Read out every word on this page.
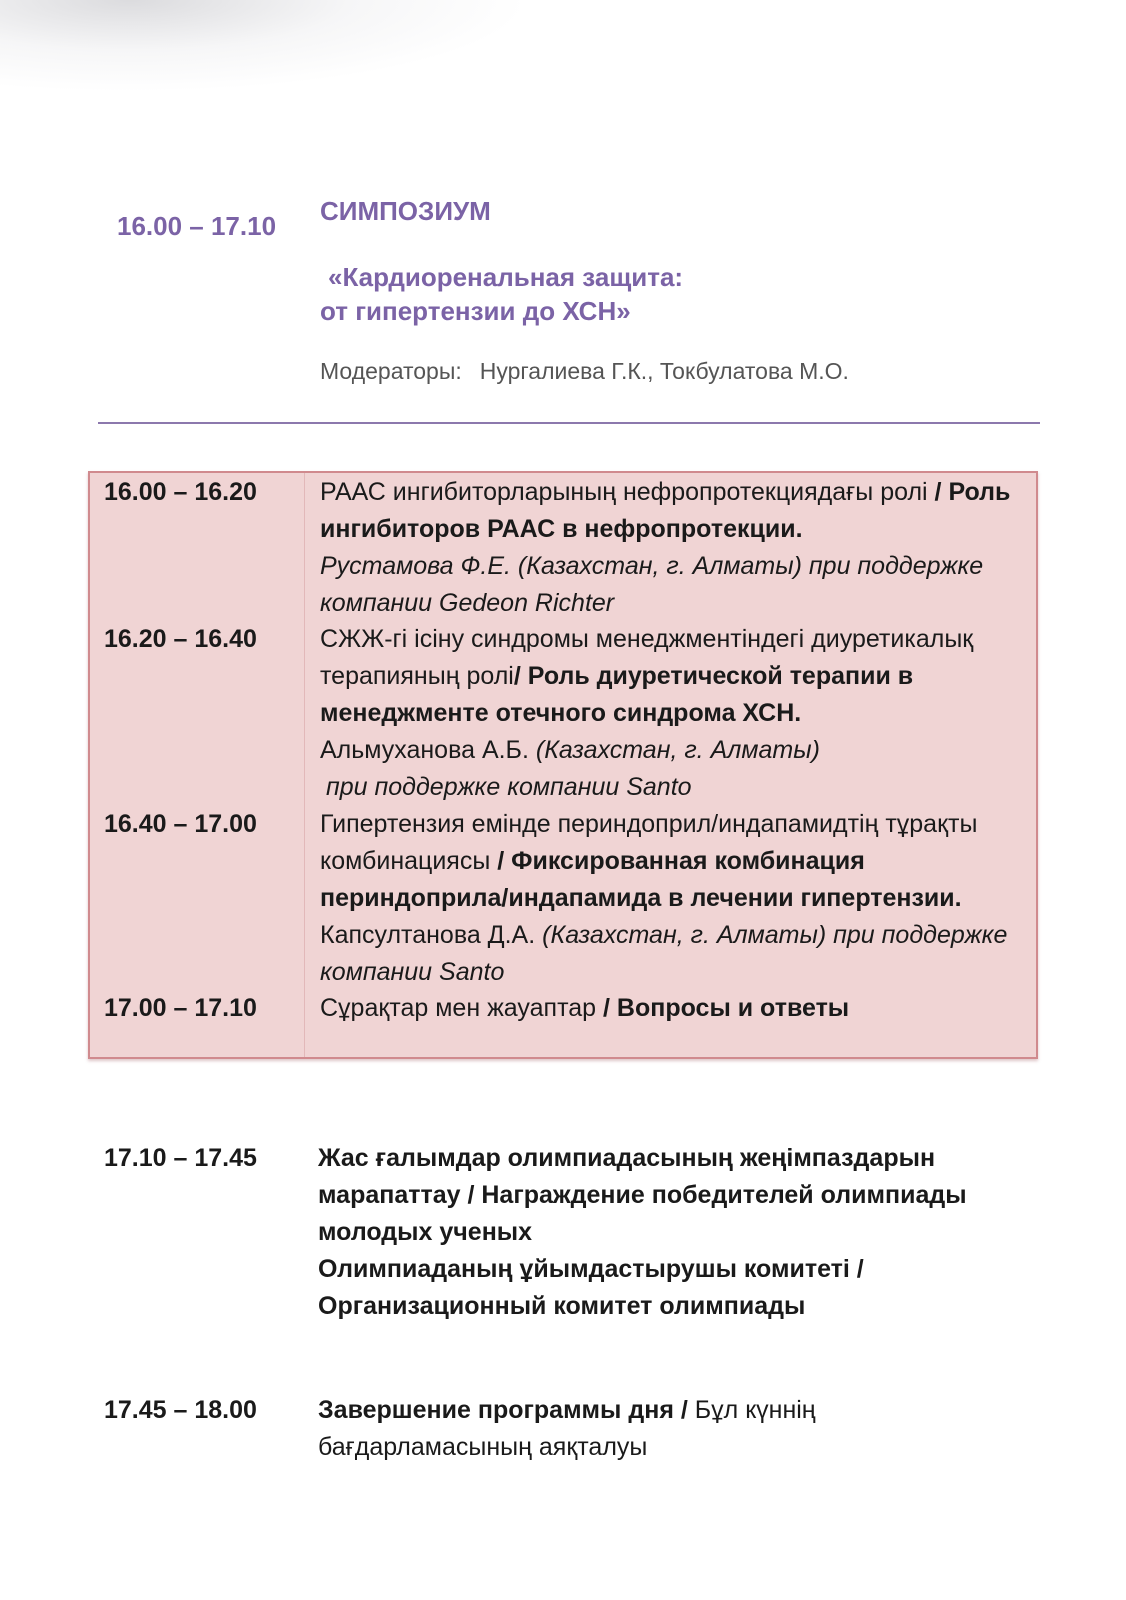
16.00 – 17.10 СИМПОЗИУМ
«Кардиоренальная защита:
от гипертензии до ХСН»
Модераторы: Нургалиева Г.К., Токбулатова М.О.
16.00 – 16.20	РААС ингибиторларының нефропротекциядағы ролі / Роль ингибиторов РААС в нефропротекции.
Рустамова Ф.Е. (Казахстан, г. Алматы) при поддержке компании Gedeon Richter
16.20 – 16.40	СЖЖ-гі ісіну синдромы менеджментіндегі диуретикалық терапияның ролі/ Роль диуретической терапии в менеджменте отечного синдрома ХСН.
Альмуханова А.Б. (Казахстан, г. Алматы)
при поддержке компании Santo
16.40 – 17.00	Гипертензия емінде периндоприл/индапамидтің тұрақты комбинациясы / Фиксированная комбинация периндоприла/индапамида в лечении гипертензии. Капсултанова Д.А. (Казахстан, г. Алматы) при поддержке компании Santo
17.00 – 17.10	Сұрақтар мен жауаптар / Вопросы и ответы
17.10 – 17.45 Жас ғалымдар олимпиадасының жеңімпаздарын марапаттау / Награждение победителей олимпиады молодых ученых
Олимпиаданың ұйымдастырушы комитеті / Организационный комитет олимпиады
17.45 – 18.00 Завершение программы дня / Бұл күннің бағдарламасының аяқталуы
